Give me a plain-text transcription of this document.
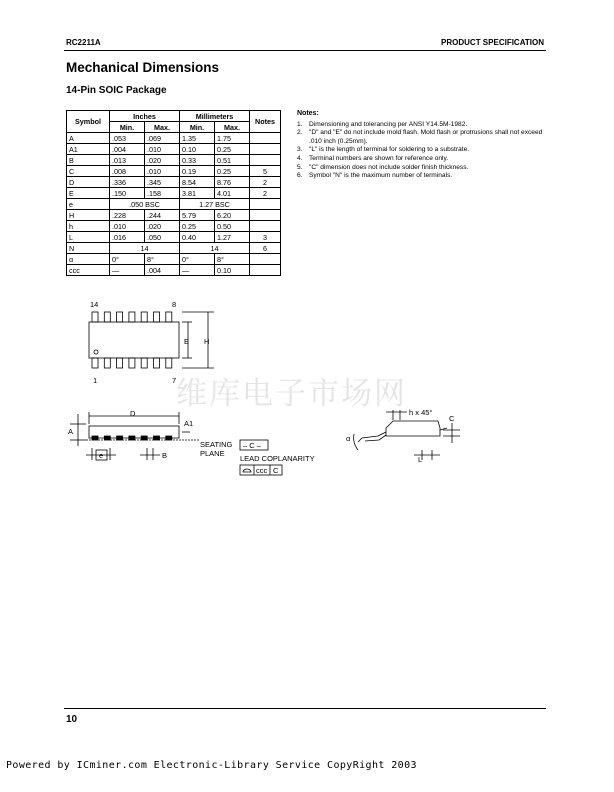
RC2211A	PRODUCT SPECIFICATION
Mechanical Dimensions
14-Pin SOIC Package
Symbol	Inches		Millimeters		Notes
	Min.	Max.	Min.	Max.	
A	.053	.069	1.35	1.75	
A1	.004	.010	0.10	0.25	
B	.013	.020	0.33	0.51	
C	.008	.010	0.19	0.25	5
D	.336	.345	8.54	8.76	2
E	.150	.158	3.81	4.01	2
e	.050 BSC		1.27 BSC		
H	.228	.244	5.79	6.20	
h	.010	.020	0.25	0.50	
L	.016	.050	0.40	1.27	3
N	14		14		6
α	0°	8°	0°	8°	
ccc	—	.004	—	0.10	
Notes:
1. Dimensioning and tolerancing per ANSI Y14.5M-1982.
2. "D" and "E" do not include mold flash. Mold flash or protrusions shall not exceed .010 inch (0.25mm).
3. "L" is the length of terminal for soldering to a substrate.
4. Terminal numbers are shown for reference only.
5. "C" dimension does not include solder finish thickness.
6. Symbol "N" is the maximum number of terminals.
维库电子市场网
14	8
1	7
E H
D
A
A1
e	B
SEATING
PLANE
– C –
LEAD COPLANARITY
ccc C
h x 45°
C
α
L
10
Powered by ICminer.com Electronic-Library Service CopyRight 2003
